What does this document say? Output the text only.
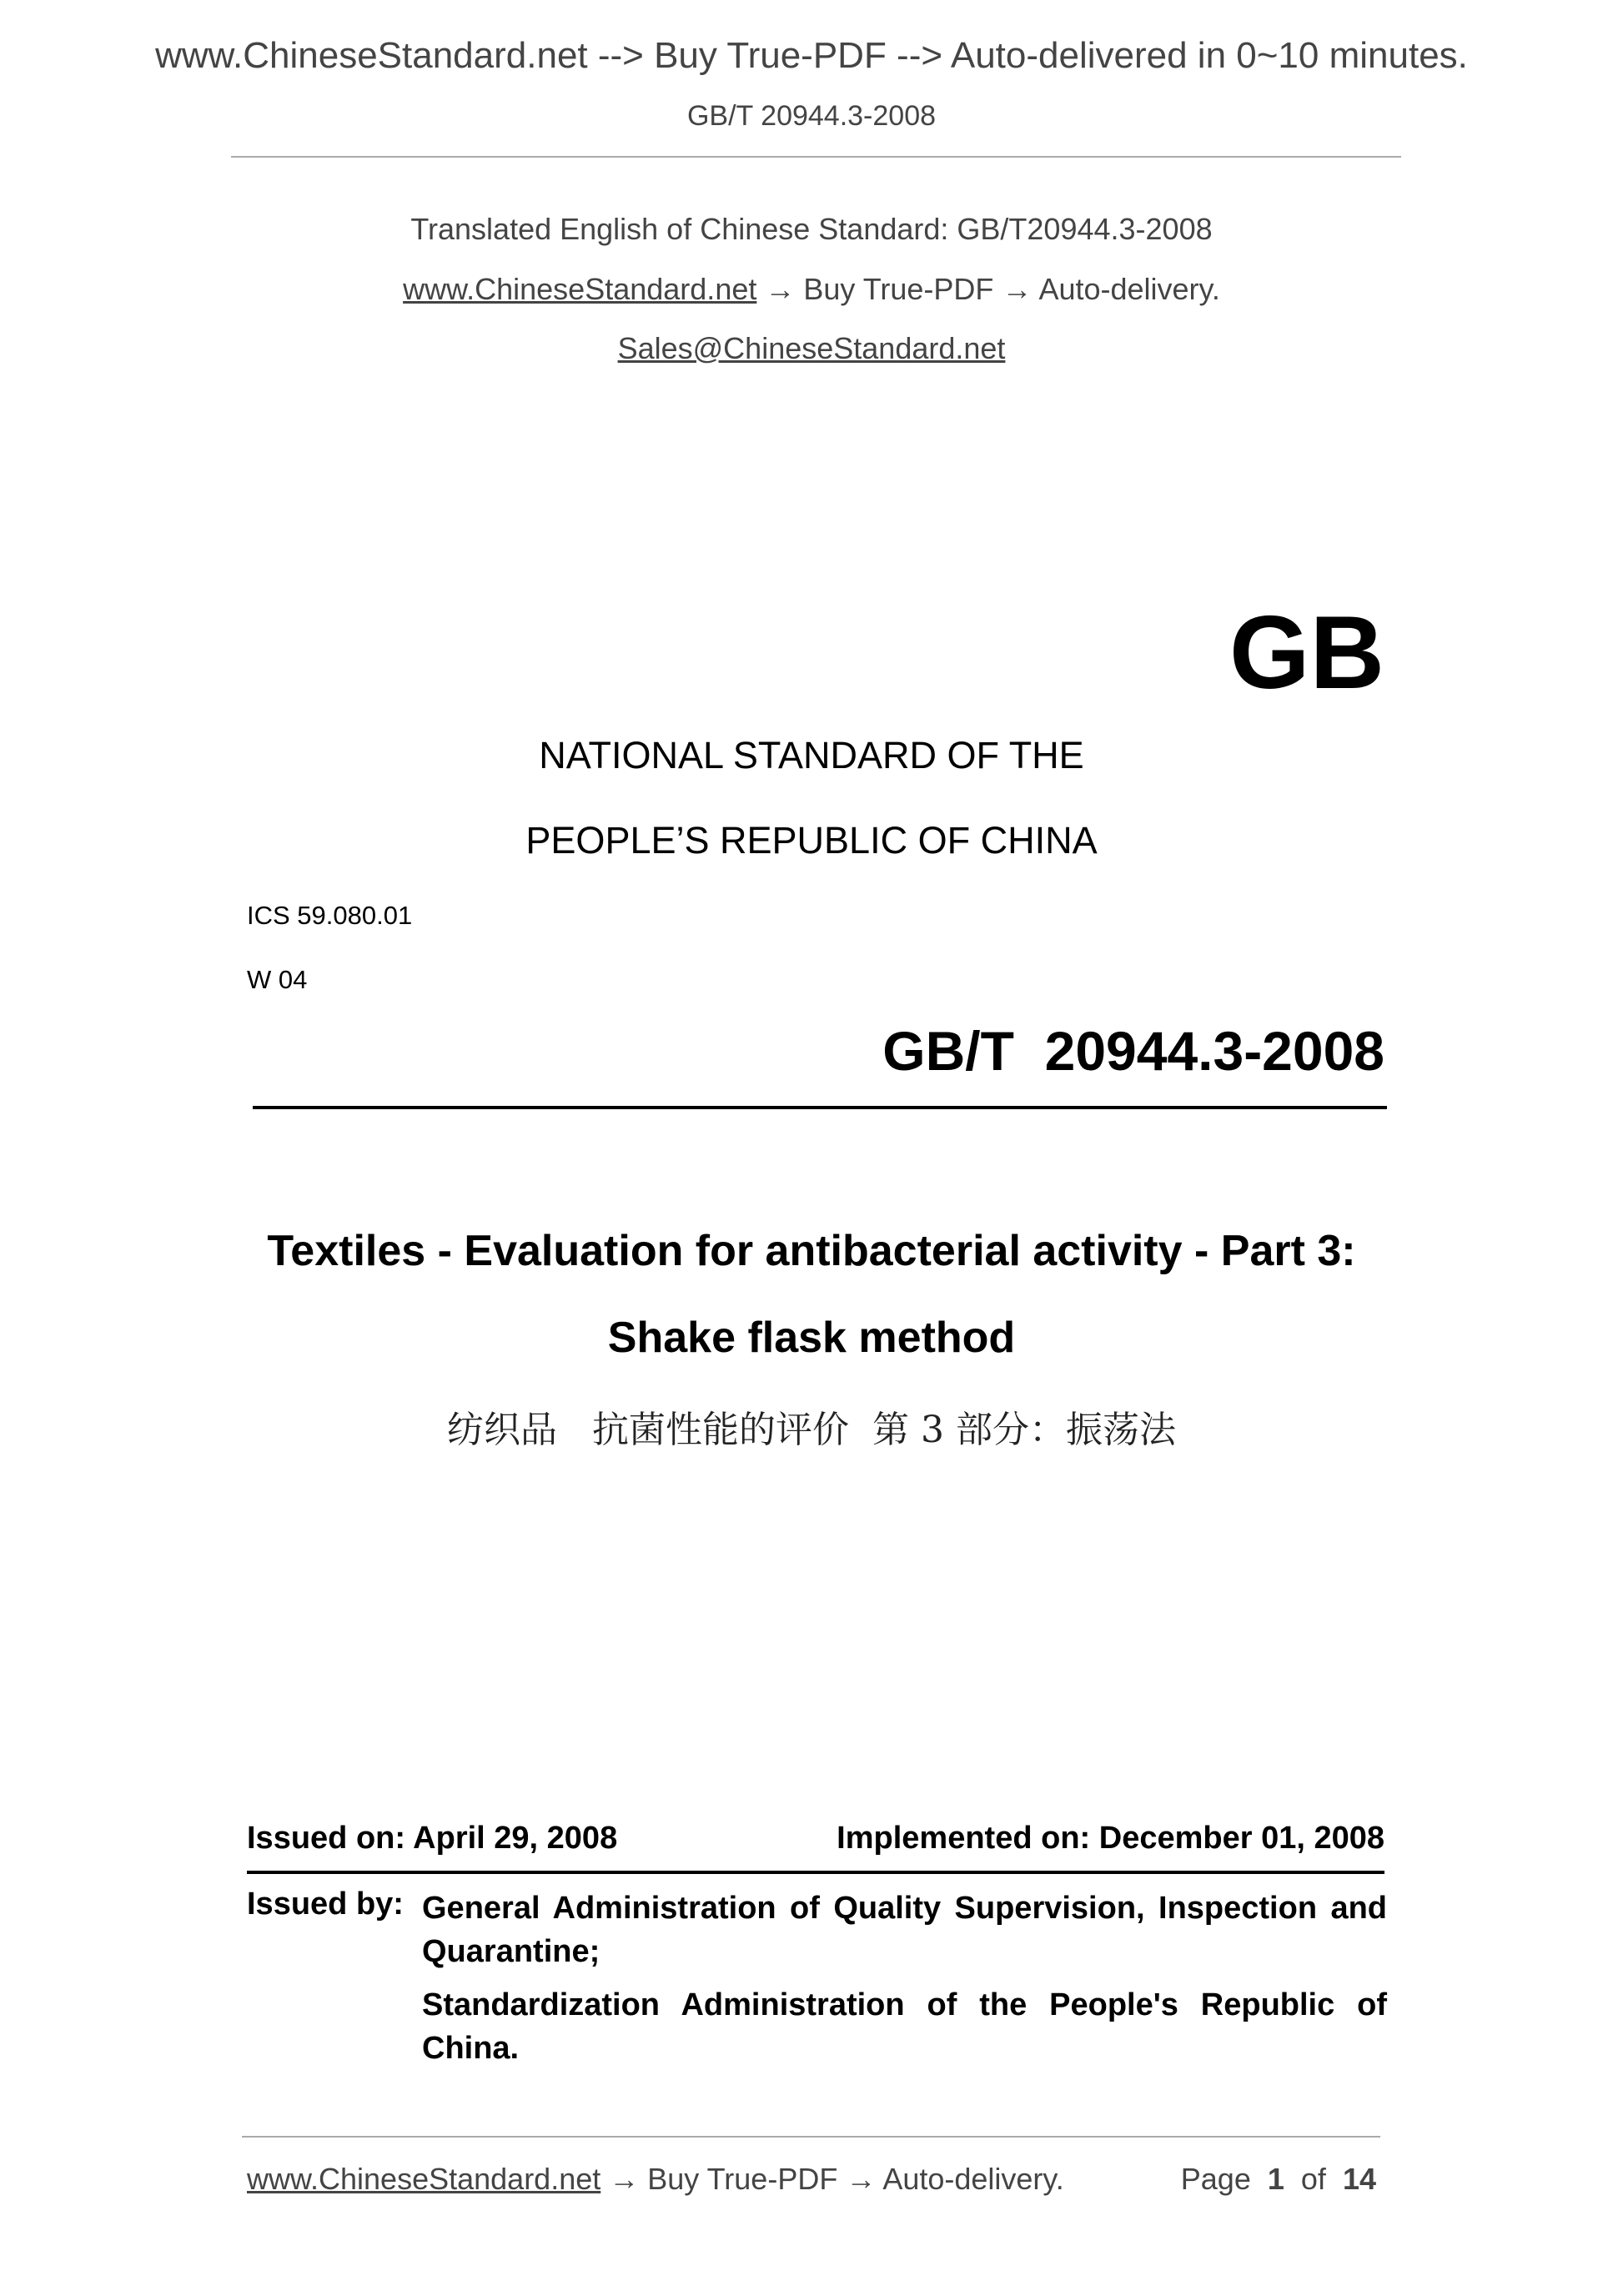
www.ChineseStandard.net --> Buy True-PDF --> Auto-delivered in 0~10 minutes.
GB/T 20944.3-2008
Translated English of Chinese Standard: GB/T20944.3-2008
www.ChineseStandard.net → Buy True-PDF → Auto-delivery.
Sales@ChineseStandard.net
GB
NATIONAL STANDARD OF THE
PEOPLE’S REPUBLIC OF CHINA
ICS 59.080.01
W 04
GB/T  20944.3-2008
Textiles - Evaluation for antibacterial activity - Part 3:
Shake flask method
纺织品   抗菌性能的评价  第 3 部分：振荡法
Issued on: April 29, 2008	Implemented on: December 01, 2008
Issued by: General Administration of Quality Supervision, Inspection and Quarantine;
Standardization Administration of the People's Republic of China.
www.ChineseStandard.net → Buy True-PDF → Auto-delivery.	Page 1 of 14
